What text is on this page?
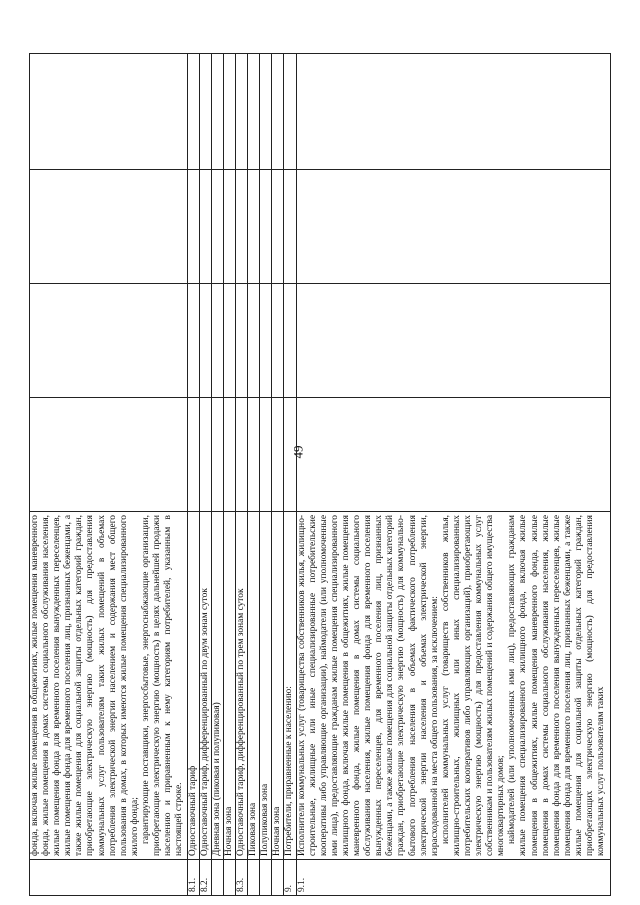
49

	фонда, включая жилые помещения в общежитиях, жилые помещения маневренного фонда, жилые помещения в домах системы социального обслуживания населения, жилые помещения фонда для временного поселения вынужденных переселенцев, жилые помещения фонда для временного поселения лиц, признанных беженцами, а также жилые помещения для социальной защиты отдельных категорий граждан, приобретающие электрическую энергию (мощность) для предоставления коммунальных услуг пользователям таких жилых помещений в объемах потребления электрической энергии населением и содержания мест общего пользования в домах, в которых имеются жилые помещения специализированного жилого фонда; гарантирующие поставщики, энергосбытовые, энергоснабжающие организации, приобретающие электрическую энергию (мощность) в целях дальнейшей продажи населению и приравненным к нему категориям потребителей, указанным в настоящей строке.				

8.1.	Одноставочный тариф				

8.2.	Одноставочный тариф, дифференцированный по двум зонам суток				

	Дневная зона (пиковая и полупиковая)				

	Ночная зона				

8.3.	Одноставочный тариф, дифференцированный по трем зонам суток				

	Пиковая зона				

	Полупиковая зона				

	Ночная зона				

9.	Потребители, приравненные к населению:				

9.1.	Исполнители коммунальных услуг (товарищества собственников жилья, жилищно-строительные, жилищные или иные специализированные потребительские кооперативы либо управляющие организации), наймодатели (или уполномоченные ими лица), предоставляющие гражданам жилые помещения специализированного жилищного фонда, включая жилые помещения в общежитиях, жилые помещения маневренного фонда, жилые помещения в домах системы социального обслуживания населения, жилые помещения фонда для временного поселения вынужденных переселенцев, для временного поселения лиц, признанных беженцами, а также жилые помещения для социальной защиты отдельных категорий граждан, приобретающие электрическую энергию (мощность) для коммунально-бытового потребления населения в объемах фактического потребления электрической энергии населения и объемах электрической энергии, израсходованной на места общего пользования, за исключением: исполнителей коммунальных услуг (товариществ собственников жилья, жилищно-строительных, жилищных или иных специализированных потребительских кооперативов либо управляющих организаций), приобретающих электрическую энергию (мощность) для предоставления коммунальных услуг собственникам и пользователям жилых помещений и содержания общего имущества многоквартирных домов; наймодателей (или уполномоченных ими лиц), предоставляющих гражданам жилые помещения специализированного жилищного фонда, включая жилые помещения в общежитиях, жилые помещения маневренного фонда, жилые помещения в домах системы социального обслуживания населения, жилые помещения фонда для временного поселения вынужденных переселенцев, жилые помещения фонда для временного поселения лиц, признанных беженцами, а также жилые помещения для социальной защиты отдельных категорий граждан, приобретающих электрическую энергию (мощность) для предоставления коммунальных услуг пользователям таких				
